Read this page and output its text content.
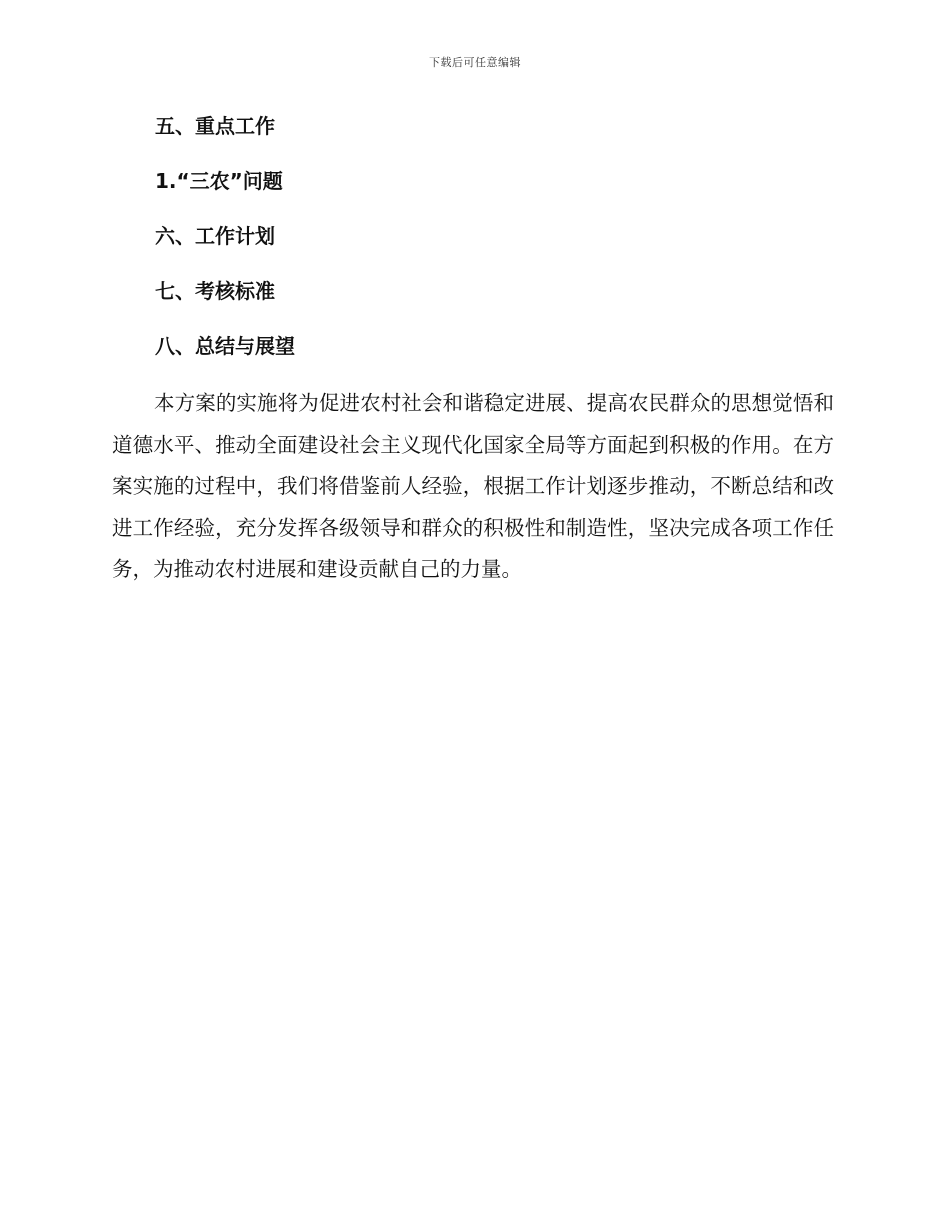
下载后可任意编辑

五、重点工作

1.“三农”问题

六、工作计划

七、考核标准

八、总结与展望

本方案的实施将为促进农村社会和谐稳定进展、提高农民群众的思想觉悟和道德水平、推动全面建设社会主义现代化国家全局等方面起到积极的作用。在方案实施的过程中，我们将借鉴前人经验，根据工作计划逐步推动，不断总结和改进工作经验，充分发挥各级领导和群众的积极性和制造性，坚决完成各项工作任务，为推动农村进展和建设贡献自己的力量。
